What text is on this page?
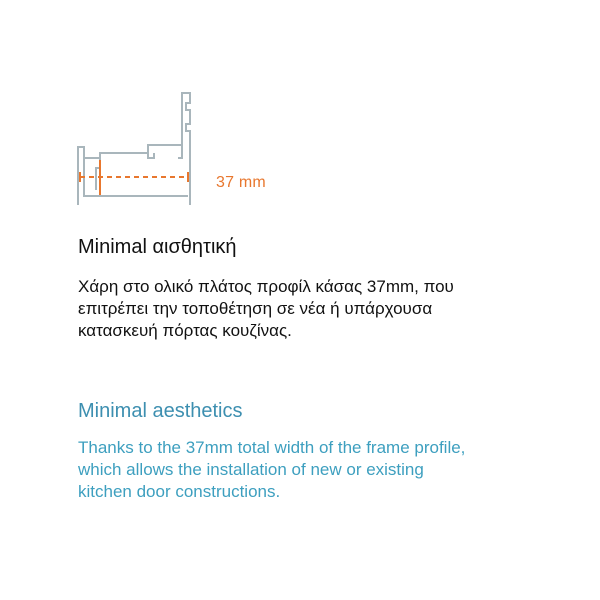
37 mm
Minimal αισθητική
Χάρη στο ολικό πλάτος προφίλ κάσας 37mm, που
επιτρέπει την τοποθέτηση σε νέα ή υπάρχουσα
κατασκευή πόρτας κουζίνας.
Minimal aesthetics
Thanks to the 37mm total width of the frame profile,
which allows the installation of new or existing
kitchen door constructions.
